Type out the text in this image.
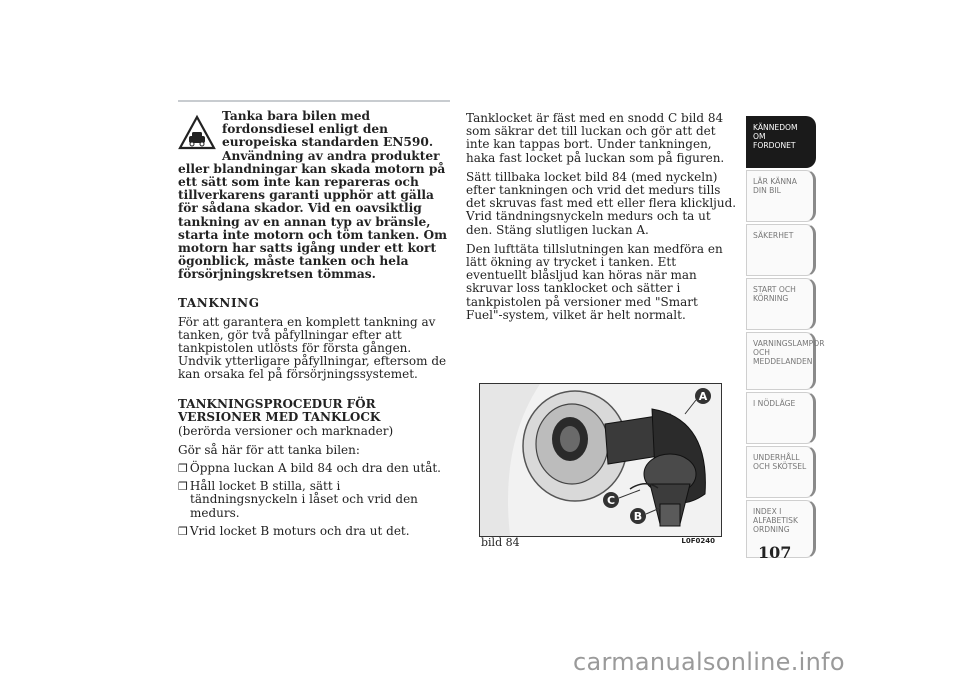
Tanka bara bilen med fordonsdiesel enligt den europeiska standarden EN590. Användning av andra produkter eller blandningar kan skada motorn på ett sätt som inte kan repareras och tillverkarens garanti upphör att gälla för sådana skador. Vid en oavsiktlig tankning av en annan typ av bränsle, starta inte motorn och töm tanken. Om motorn har satts igång under ett kort ögonblick, måste tanken och hela försörjningskretsen tömmas.
TANKNING
För att garantera en komplett tankning av tanken, gör två påfyllningar efter att tankpistolen utlösts för första gången. Undvik ytterligare påfyllningar, eftersom de kan orsaka fel på försörjningssystemet.
TANKNINGSPROCEDUR FÖR VERSIONER MED TANKLOCK
(berörda versioner och marknader)
Gör så här för att tanka bilen:
❒ Öppna luckan A bild 84 och dra den utåt.
❒ Håll locket B stilla, sätt i tändningsnyckeln i låset och vrid den medurs.
❒ Vrid locket B moturs och dra ut det.
Tanklocket är fäst med en snodd C bild 84 som säkrar det till luckan och gör att det inte kan tappas bort. Under tankningen, haka fast locket på luckan som på figuren.
Sätt tillbaka locket bild 84 (med nyckeln) efter tankningen och vrid det medurs tills det skruvas fast med ett eller flera klickljud. Vrid tändningsnyckeln medurs och ta ut den. Stäng slutligen luckan A.
Den lufttäta tillslutningen kan medföra en lätt ökning av trycket i tanken. Ett eventuellt blåsljud kan höras när man skruvar loss tanklocket och sätter i tankpistolen på versioner med "Smart Fuel"-system, vilket är helt normalt.
A
C
B
bild 84	L0F0240
KÄNNEDOM OM FORDONET
LÄR KÄNNA DIN BIL
SÄKERHET
START OCH KÖRNING
VARNINGSLAMPOR OCH MEDDELANDEN
I NÖDLÄGE
UNDERHÅLL OCH SKÖTSEL
INDEX I ALFABETISK ORDNING
107
carmanualsonline.info
